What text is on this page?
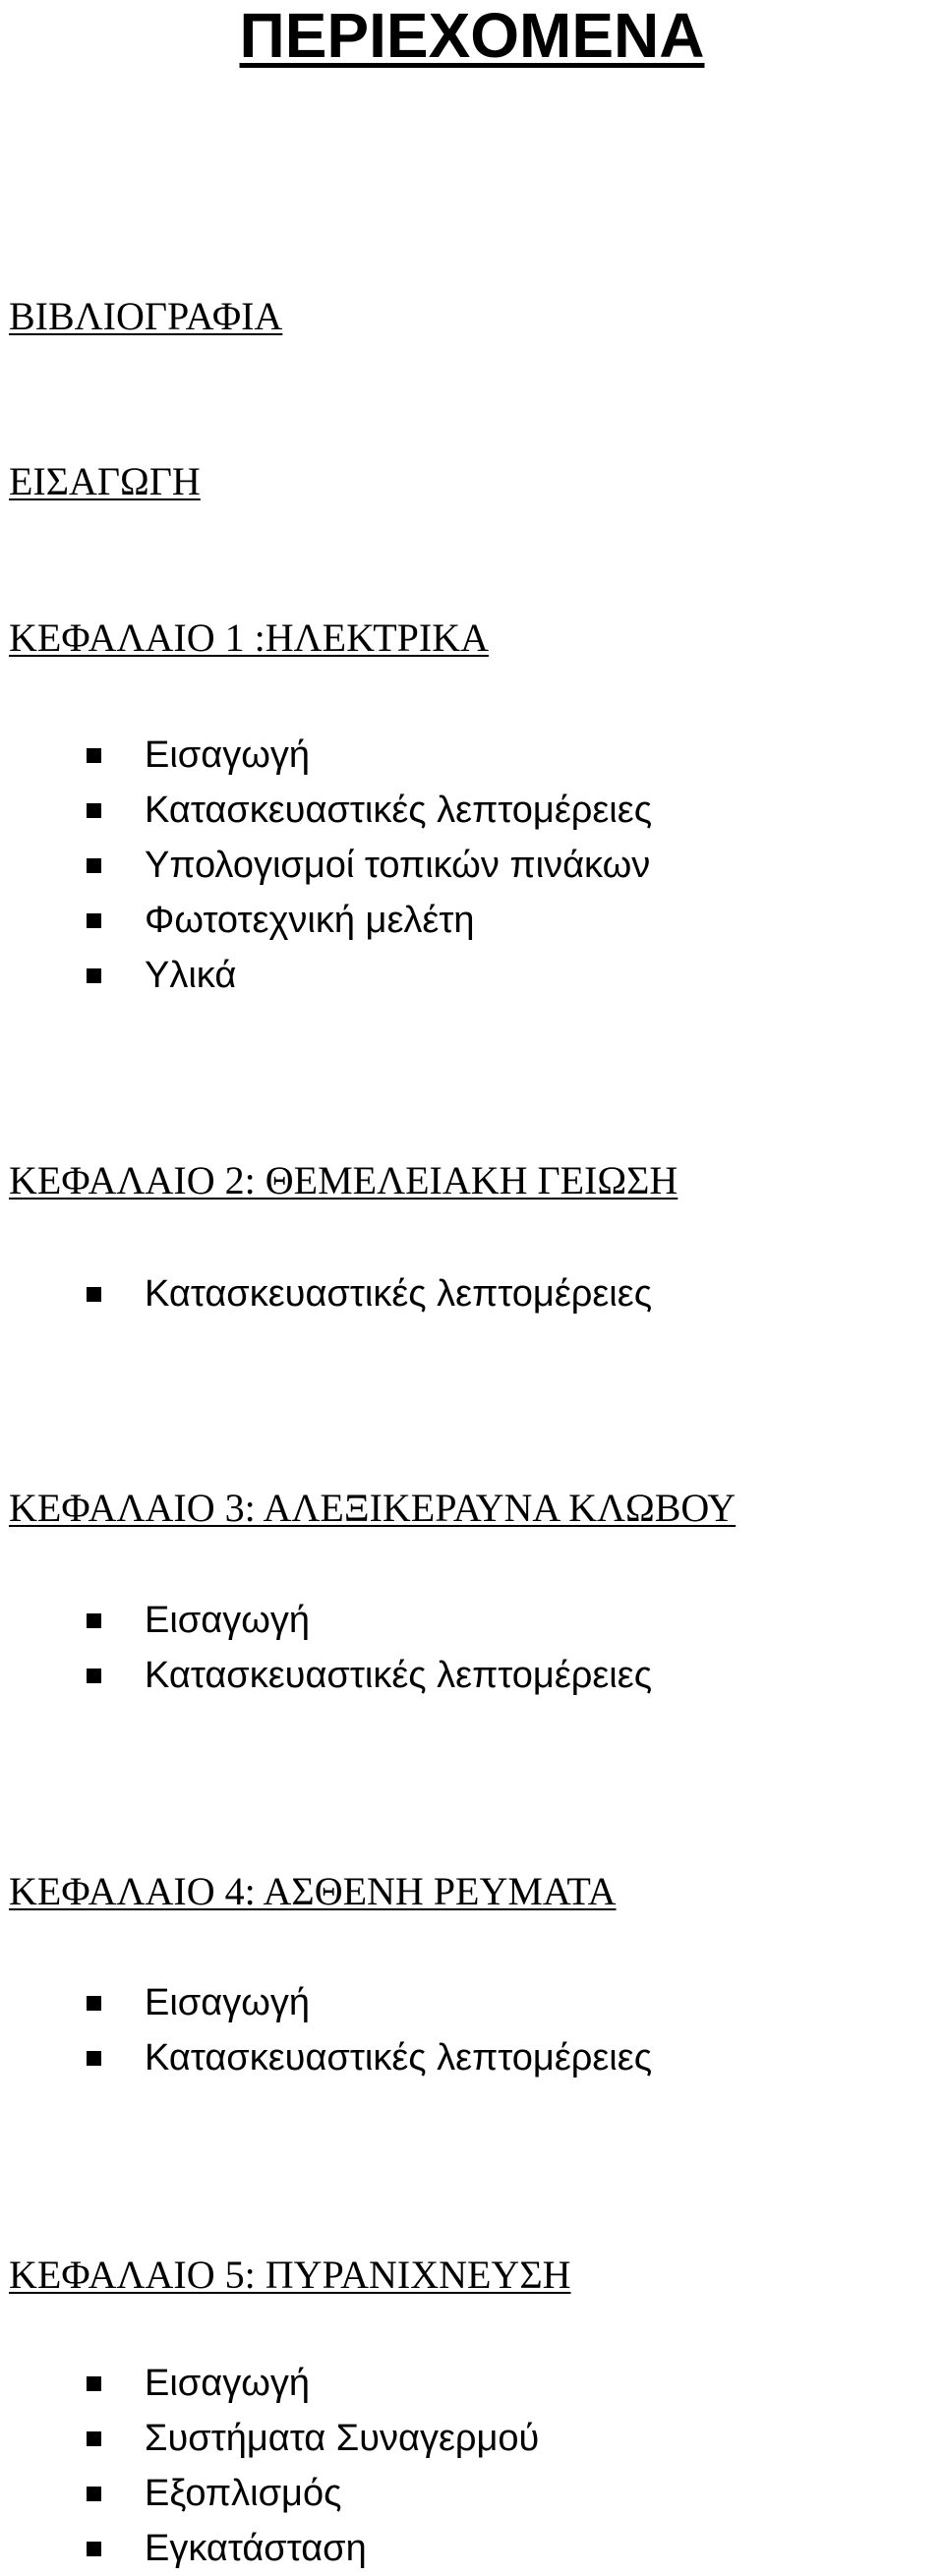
ΠΕΡΙΕΧΟΜΕΝΑ
ΒΙΒΛΙΟΓΡΑΦΙΑ
ΕΙΣΑΓΩΓΗ
ΚΕΦΑΛΑΙΟ 1 :ΗΛΕΚΤΡΙΚΑ
Εισαγωγή
Κατασκευαστικές λεπτομέρειες
Υπολογισμοί τοπικών πινάκων
Φωτοτεχνική μελέτη
Υλικά
ΚΕΦΑΛΑΙΟ 2: ΘΕΜΕΛΕΙΑΚΗ ΓΕΙΩΣΗ
Κατασκευαστικές λεπτομέρειες
ΚΕΦΑΛΑΙΟ 3: ΑΛΕΞΙΚΕΡΑΥΝΑ ΚΛΩΒΟΥ
Εισαγωγή
Κατασκευαστικές λεπτομέρειες
ΚΕΦΑΛΑΙΟ 4: ΑΣΘΕΝΗ ΡΕΥΜΑΤΑ
Εισαγωγή
Κατασκευαστικές λεπτομέρειες
ΚΕΦΑΛΑΙΟ 5: ΠΥΡΑΝΙΧΝΕΥΣΗ
Εισαγωγή
Συστήματα Συναγερμού
Εξοπλισμός
Εγκατάσταση
